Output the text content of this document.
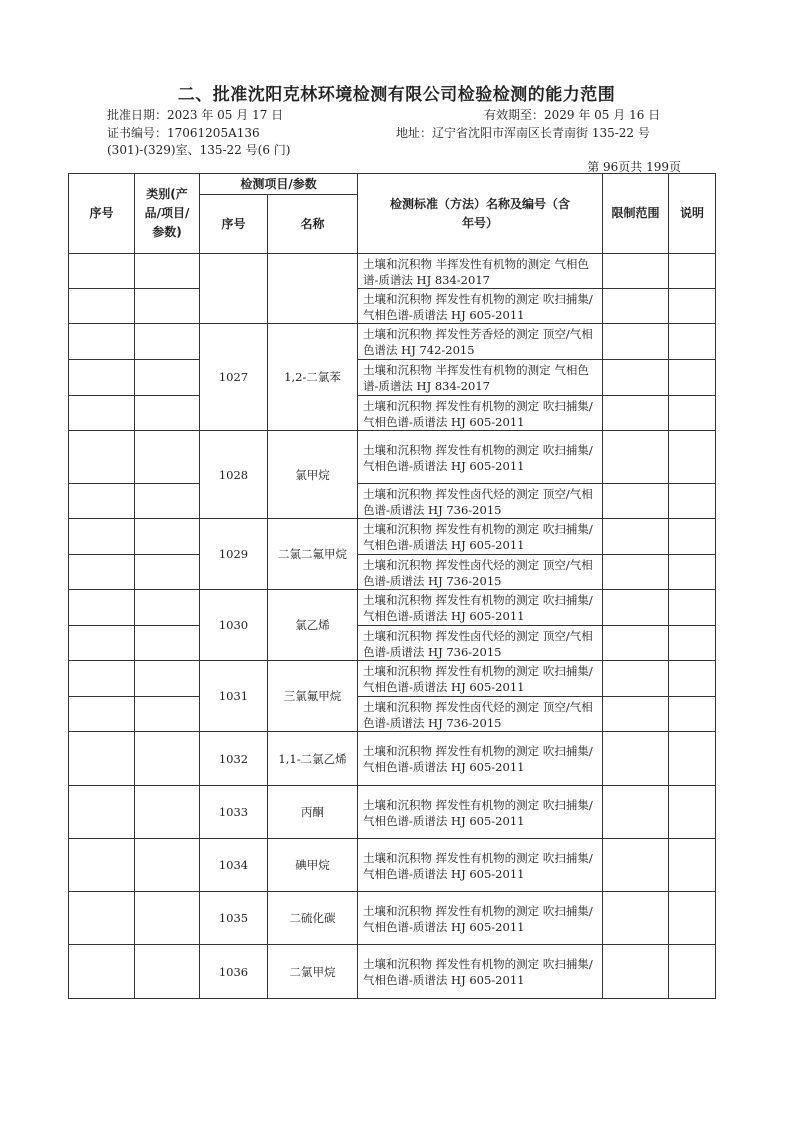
二、批准沈阳克林环境检测有限公司检验检测的能力范围
批准日期：2023 年 05 月 17 日	有效期至：2029 年 05 月 16 日
证书编号：17061205A136	地址：辽宁省沈阳市浑南区长青南街 135-22 号
(301)-(329)室、135-22 号(6 门)
第 96页共 199页
序号	类别(产品/项目/参数)	检测项目/参数		检测标准（方法）名称及编号（含年号）	限制范围	说明
		序号	名称			
				土壤和沉积物 半挥发性有机物的测定 气相色谱-质谱法 HJ 834-2017		
				土壤和沉积物 挥发性有机物的测定 吹扫捕集/气相色谱-质谱法 HJ 605-2011		
		1027	1,2-二氯苯	土壤和沉积物 挥发性芳香烃的测定 顶空/气相色谱法 HJ 742-2015		
				土壤和沉积物 半挥发性有机物的测定 气相色谱-质谱法 HJ 834-2017		
				土壤和沉积物 挥发性有机物的测定 吹扫捕集/气相色谱-质谱法 HJ 605-2011		
		1028	氯甲烷	土壤和沉积物 挥发性有机物的测定 吹扫捕集/气相色谱-质谱法 HJ 605-2011		
				土壤和沉积物 挥发性卤代烃的测定 顶空/气相色谱-质谱法 HJ 736-2015		
		1029	二氯二氟甲烷	土壤和沉积物 挥发性有机物的测定 吹扫捕集/气相色谱-质谱法 HJ 605-2011		
				土壤和沉积物 挥发性卤代烃的测定 顶空/气相色谱-质谱法 HJ 736-2015		
		1030	氯乙烯	土壤和沉积物 挥发性有机物的测定 吹扫捕集/气相色谱-质谱法 HJ 605-2011		
				土壤和沉积物 挥发性卤代烃的测定 顶空/气相色谱-质谱法 HJ 736-2015		
		1031	三氯氟甲烷	土壤和沉积物 挥发性有机物的测定 吹扫捕集/气相色谱-质谱法 HJ 605-2011		
				土壤和沉积物 挥发性卤代烃的测定 顶空/气相色谱-质谱法 HJ 736-2015		
		1032	1,1-二氯乙烯	土壤和沉积物 挥发性有机物的测定 吹扫捕集/气相色谱-质谱法 HJ 605-2011		
		1033	丙酮	土壤和沉积物 挥发性有机物的测定 吹扫捕集/气相色谱-质谱法 HJ 605-2011		
		1034	碘甲烷	土壤和沉积物 挥发性有机物的测定 吹扫捕集/气相色谱-质谱法 HJ 605-2011		
		1035	二硫化碳	土壤和沉积物 挥发性有机物的测定 吹扫捕集/气相色谱-质谱法 HJ 605-2011		
		1036	二氯甲烷	土壤和沉积物 挥发性有机物的测定 吹扫捕集/气相色谱-质谱法 HJ 605-2011		
